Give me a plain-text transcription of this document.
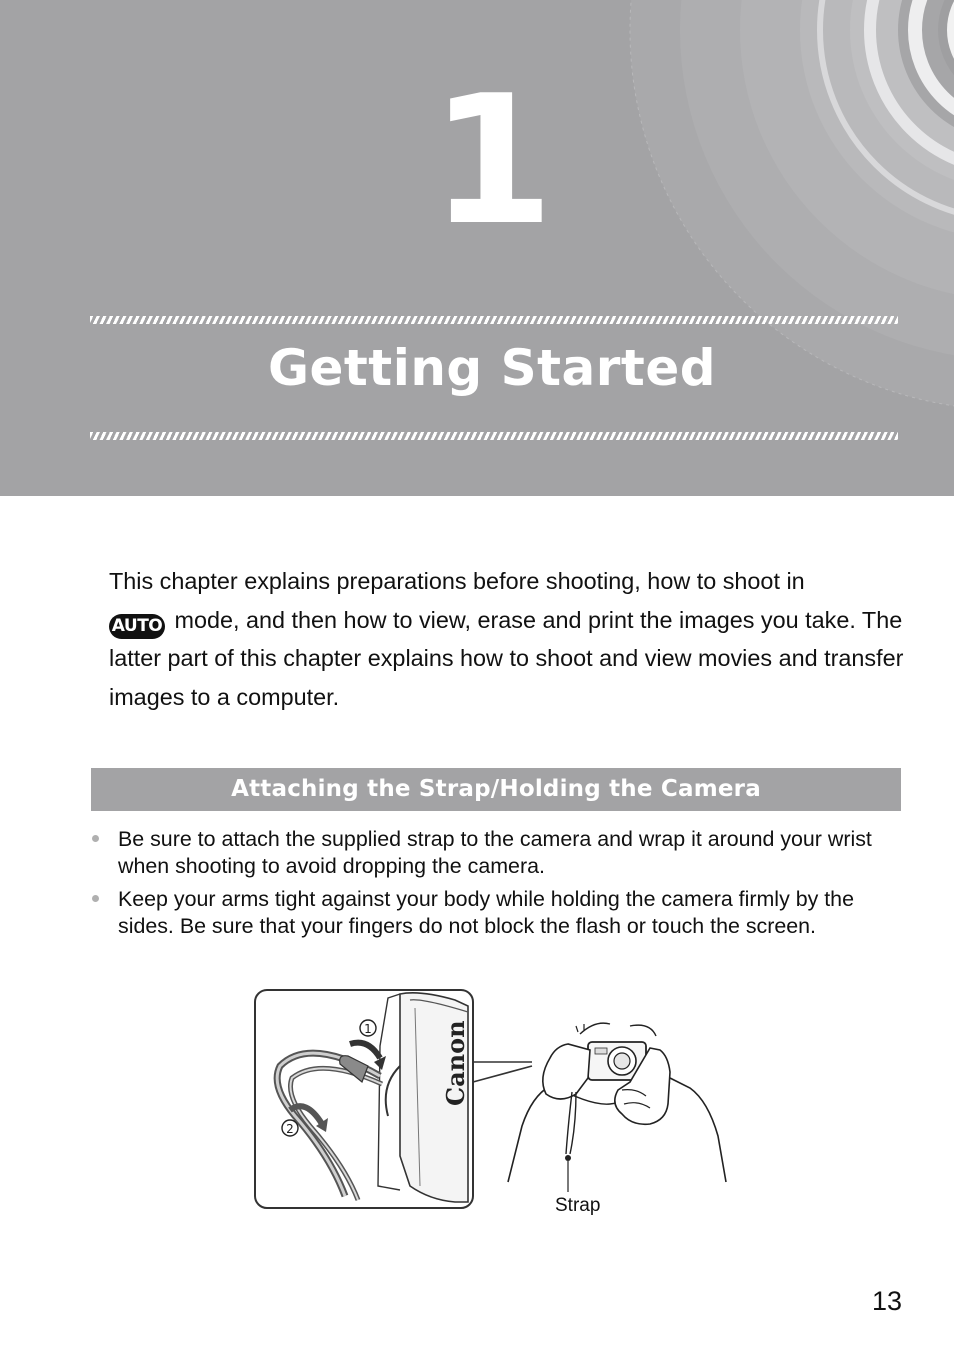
1
Getting Started

This chapter explains preparations before shooting, how to shoot in
AUTO mode, and then how to view, erase and print the images you take. The latter part of this chapter explains how to shoot and view movies and transfer images to a computer.

Attaching the Strap/Holding the Camera
Be sure to attach the supplied strap to the camera and wrap it around your wrist when shooting to avoid dropping the camera.
Keep your arms tight against your body while holding the camera firmly by the sides. Be sure that your fingers do not block the flash or touch the screen.
Canon
1
2
Strap
13
